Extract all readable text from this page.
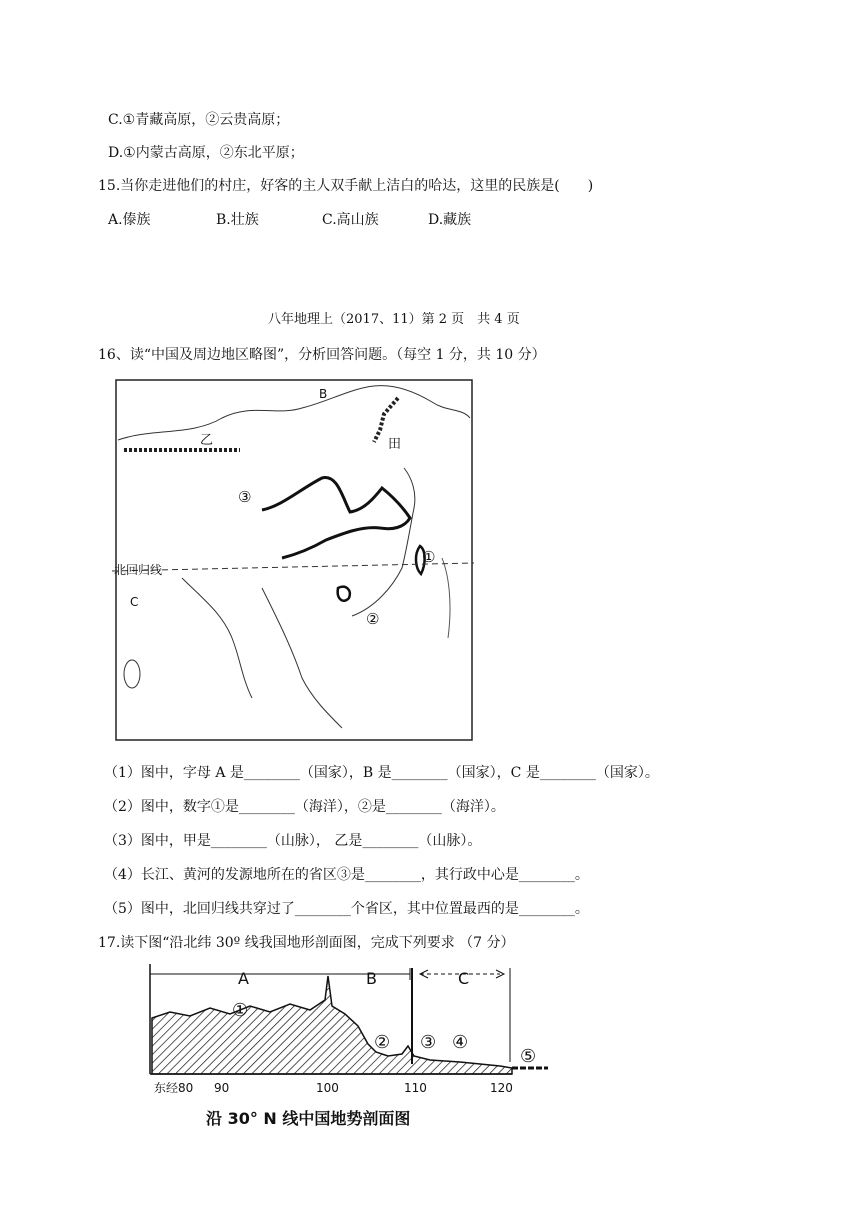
C.①青藏高原，②云贵高原；
D.①内蒙古高原，②东北平原；
15.当你走进他们的村庄，好客的主人双手献上洁白的哈达，这里的民族是(　　)
A.傣族	B.壮族	C.高山族	D.藏族
八年地理上（2017、11）第 2 页　共 4 页
16、读“中国及周边地区略图”，分析回答问题。（每空 1 分，共 10 分）
B
田
乙
③
①
②
C
北回归线
（1）图中，字母 A 是________（国家），B 是________（国家），C 是________（国家）。
（2）图中，数字①是________（海洋），②是________（海洋）。
（3）图中，甲是________（山脉）， 乙是________（山脉）。
（4）长江、黄河的发源地所在的省区③是________，其行政中心是________。
（5）图中，北回归线共穿过了________个省区，其中位置最西的是________。
17.读下图“沿北纬 30º 线我国地形剖面图，完成下列要求 （7 分）
A	B	C
①
② ③ ④
⑤
东经80 90	100	110	120
沿 30° N 线中国地势剖面图
